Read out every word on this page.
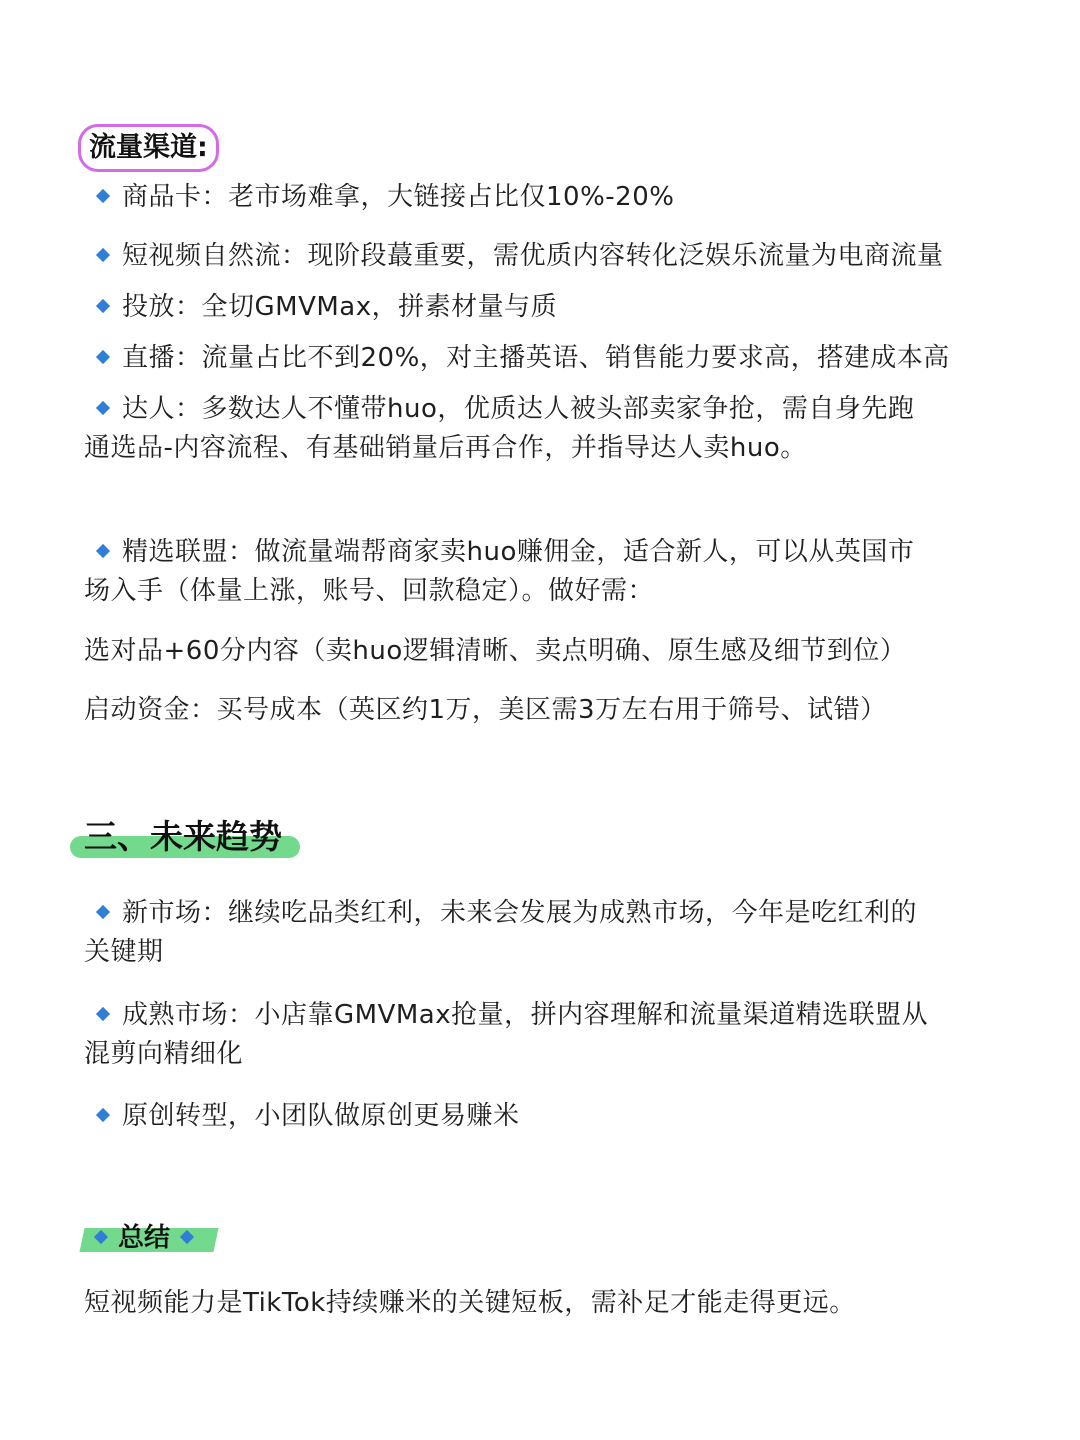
流量渠道:
商品卡：老市场难拿，大链接占比仅10%-20%
短视频自然流：现阶段蕞重要，需优质内容转化泛娱乐流量为电商流量
投放：全切GMVMax，拼素材量与质
直播：流量占比不到20%，对主播英语、销售能力要求高，搭建成本高
达人：多数达人不懂带huo，优质达人被头部卖家争抢，需自身先跑
通选品-内容流程、有基础销量后再合作，并指导达人卖huo。
精选联盟：做流量端帮商家卖huo赚佣金，适合新人，可以从英国市
场入手（体量上涨，账号、回款稳定）。做好需：
选对品+60分内容（卖huo逻辑清晰、卖点明确、原生感及细节到位）
启动资金：买号成本（英区约1万，美区需3万左右用于筛号、试错）
三、未来趋势
新市场：继续吃品类红利，未来会发展为成熟市场，今年是吃红利的
关键期
成熟市场：小店靠GMVMax抢量，拼内容理解和流量渠道精选联盟从
混剪向精细化
原创转型，小团队做原创更易赚米
总结
短视频能力是TikTok持续赚米的关键短板，需补足才能走得更远。
